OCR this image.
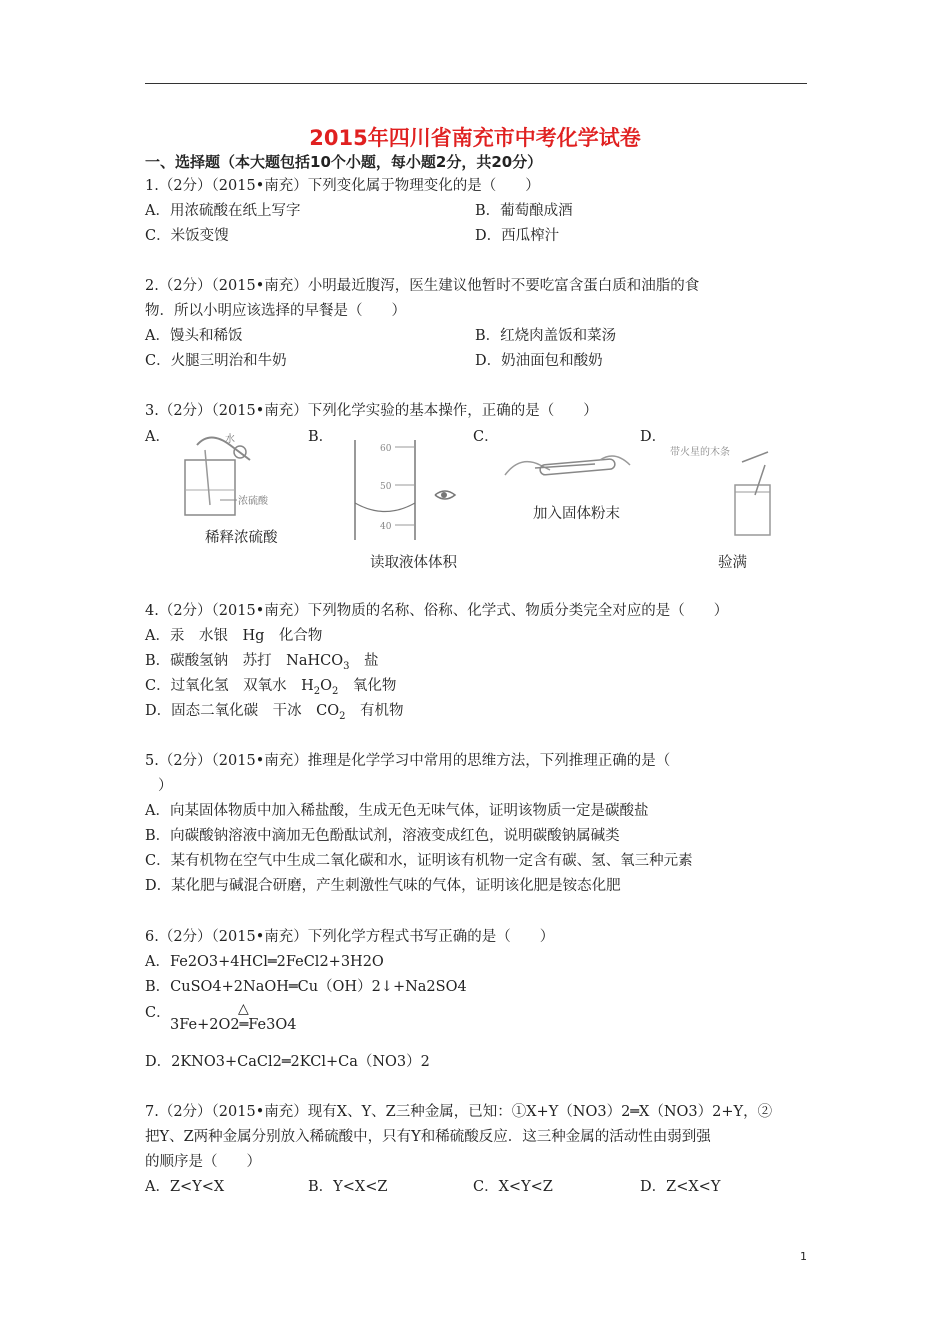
2015年四川省南充市中考化学试卷
一、选择题（本大题包括10个小题，每小题2分，共20分）
1.（2分）（2015•南充）下列变化属于物理变化的是（　　）
A．用浓硫酸在纸上写字	B．葡萄酿成酒
C．米饭变馊	D．西瓜榨汁
2.（2分）（2015•南充）小明最近腹泻，医生建议他暂时不要吃富含蛋白质和油脂的食
物．所以小明应该选择的早餐是（　　）
A．馒头和稀饭	B．红烧肉盖饭和菜汤
C．火腿三明治和牛奶	D．奶油面包和酸奶
3.（2分）（2015•南充）下列化学实验的基本操作，正确的是（　　）
A．	B．	C．	D．
水
浓硫酸
稀释浓硫酸
60
50
40
读取液体体积
加入固体粉末
带火星的木条
验满
4.（2分）（2015•南充）下列物质的名称、俗称、化学式、物质分类完全对应的是（　　）
A．汞　水银　Hg　化合物
B．碳酸氢钠　苏打　NaHCO$_3$　盐
C．过氧化氢　双氧水　$H_2O_2$　氧化物
D．固态二氧化碳　干冰　$CO_2$　有机物
5.（2分）（2015•南充）推理是化学学习中常用的思维方法，下列推理正确的是（
）
A．向某固体物质中加入稀盐酸，生成无色无味气体，证明该物质一定是碳酸盐
B．向碳酸钠溶液中滴加无色酚酞试剂，溶液变成红色，说明碳酸钠属碱类
C．某有机物在空气中生成二氧化碳和水，证明该有机物一定含有碳、氢、氧三种元素
D．某化肥与碱混合研磨，产生刺激性气味的气体，证明该化肥是铵态化肥
6.（2分）（2015•南充）下列化学方程式书写正确的是（　　）
A．Fe2O3+4HCl═2FeCl2+3H2O
B．CuSO4+2NaOH═Cu（OH）2↓+Na2SO4
C．	△
3Fe+2O2═Fe3O4
D．2KNO3+CaCl2═2KCl+Ca（NO3）2
7.（2分）（2015•南充）现有X、Y、Z三种金属，已知：①X+Y（NO3）2═X（NO3）2+Y，②
把Y、Z两种金属分别放入稀硫酸中，只有Y和稀硫酸反应．这三种金属的活动性由弱到强
的顺序是（　　）
A．Z<Y<X	B．Y<X<Z	C．X<Y<Z	D．Z<X<Y
1
